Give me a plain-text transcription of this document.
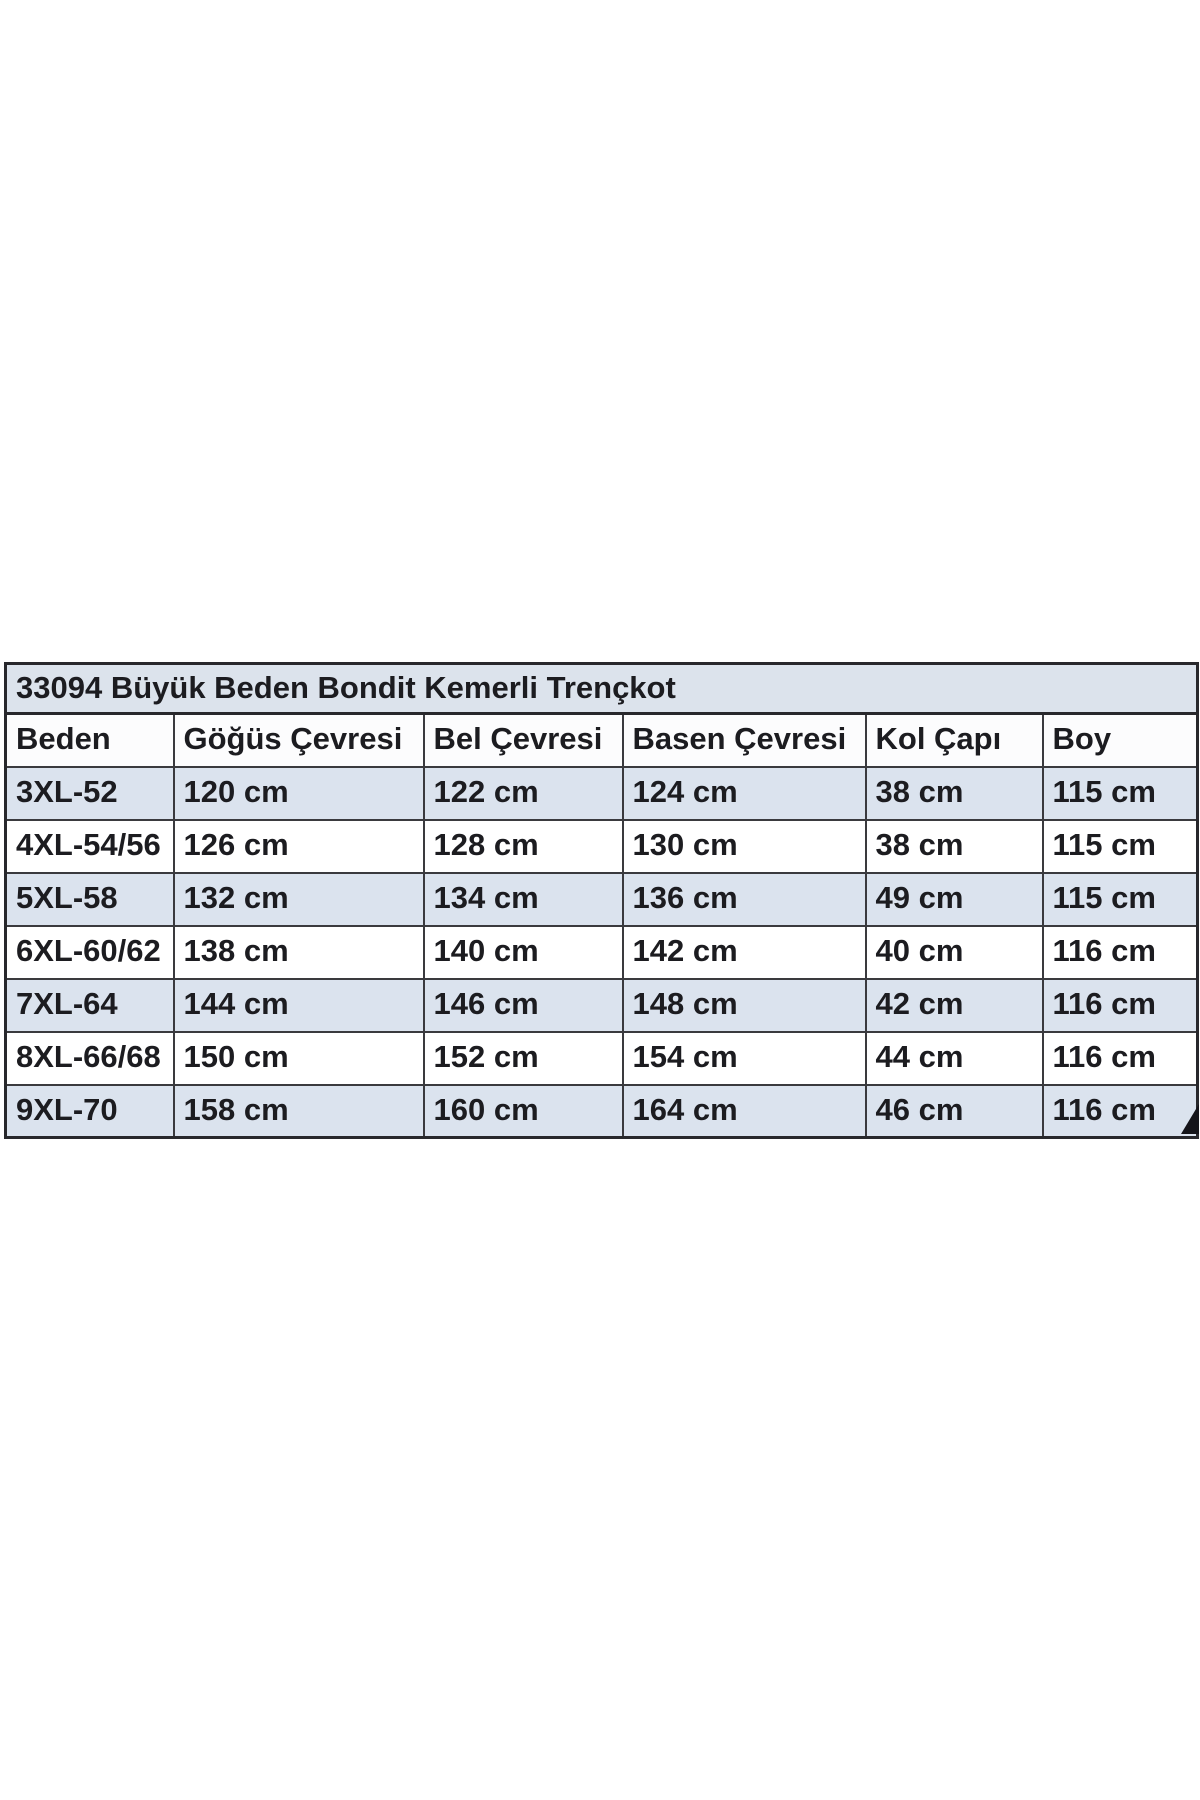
33094 Büyük Beden Bondit Kemerli Trençkot					
Beden	Göğüs Çevresi	Bel Çevresi	Basen Çevresi	Kol Çapı	Boy
3XL-52	120 cm	122 cm	124 cm	38 cm	115 cm
4XL-54/56	126 cm	128 cm	130 cm	38 cm	115 cm
5XL-58	132 cm	134 cm	136 cm	49 cm	115 cm
6XL-60/62	138 cm	140 cm	142 cm	40 cm	116 cm
7XL-64	144 cm	146 cm	148 cm	42 cm	116 cm
8XL-66/68	150 cm	152 cm	154 cm	44 cm	116 cm
9XL-70	158 cm	160 cm	164 cm	46 cm	116 cm
